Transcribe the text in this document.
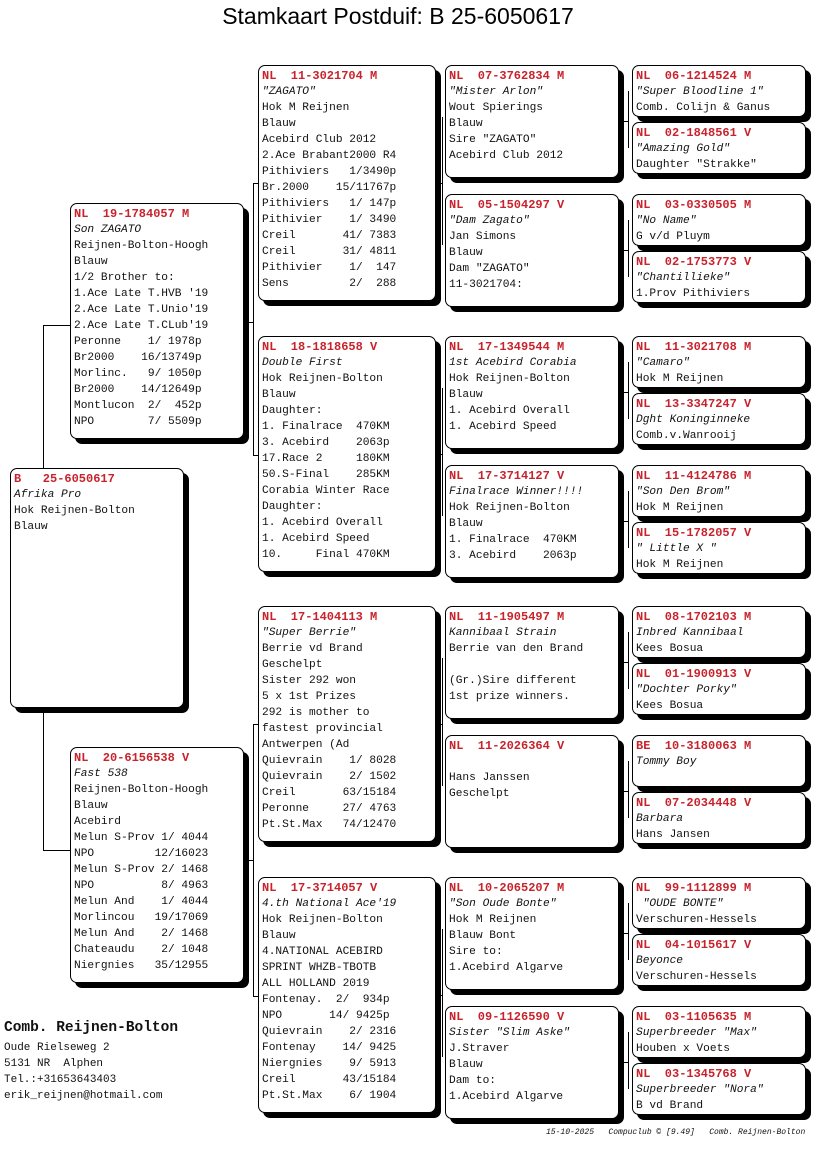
Stamkaart Postduif: B 25-6050617
B   25-6050617
Afrika Pro
Hok Reijnen-Bolton
Blauw
NL  19-1784057 M
Son ZAGATO
Reijnen-Bolton-Hoogh
Blauw
1/2 Brother to:
1.Ace Late T.HVB '19
2.Ace Late T.Unio'19
2.Ace Late T.CLub'19
Peronne    1/ 1978p
Br2000    16/13749p
Morlinc.   9/ 1050p
Br2000    14/12649p
Montlucon  2/  452p
NPO        7/ 5509p
NL  20-6156538 V
Fast 538
Reijnen-Bolton-Hoogh
Blauw
Acebird
Melun S-Prov 1/ 4044
NPO         12/16023
Melun S-Prov 2/ 1468
NPO          8/ 4963
Melun And    1/ 4044
Morlincou   19/17069
Melun And    2/ 1468
Chateaudu    2/ 1048
Niergnies   35/12955
NL  11-3021704 M
"ZAGATO"
Hok M Reijnen
Blauw
Acebird Club 2012
2.Ace Brabant2000 R4
Pithiviers   1/3490p
Br.2000    15/11767p
Pithiviers   1/ 147p
Pithivier    1/ 3490
Creil       41/ 7383
Creil       31/ 4811
Pithivier    1/  147
Sens         2/  288
NL  18-1818658 V
Double First
Hok Reijnen-Bolton
Blauw
Daughter:
1. Finalrace  470KM
3. Acebird    2063p
17.Race 2     180KM
50.S-Final    285KM
Corabia Winter Race
Daughter:
1. Acebird Overall
1. Acebird Speed
10.     Final 470KM
NL  17-1404113 M
"Super Berrie"
Berrie vd Brand
Geschelpt
Sister 292 won
5 x 1st Prizes
292 is mother to
fastest provincial
Antwerpen (Ad
Quievrain    1/ 8028
Quievrain    2/ 1502
Creil       63/15184
Peronne     27/ 4763
Pt.St.Max   74/12470
NL  17-3714057 V
4.th National Ace'19
Hok Reijnen-Bolton
Blauw
4.NATIONAL ACEBIRD
SPRINT WHZB-TBOTB
ALL HOLLAND 2019
Fontenay.  2/  934p
NPO       14/ 9425p
Quievrain    2/ 2316
Fontenay    14/ 9425
Niergnies    9/ 5913
Creil       43/15184
Pt.St.Max    6/ 1904
NL  07-3762834 M
"Mister Arlon"
Wout Spierings
Blauw
Sire "ZAGATO"
Acebird Club 2012
NL  05-1504297 V
"Dam Zagato"
Jan Simons
Blauw
Dam "ZAGATO"
11-3021704:
NL  17-1349544 M
1st Acebird Corabia
Hok Reijnen-Bolton
Blauw
1. Acebird Overall
1. Acebird Speed
NL  17-3714127 V
Finalrace Winner!!!!
Hok Reijnen-Bolton
Blauw
1. Finalrace  470KM
3. Acebird    2063p
NL  11-1905497 M
Kannibaal Strain
Berrie van den Brand
(Gr.)Sire different
1st prize winners.
NL  11-2026364 V
Hans Janssen
Geschelpt
NL  10-2065207 M
"Son Oude Bonte"
Hok M Reijnen
Blauw Bont
Sire to:
1.Acebird Algarve
NL  09-1126590 V
Sister "Slim Aske"
J.Straver
Blauw
Dam to:
1.Acebird Algarve
NL  06-1214524 M
"Super Bloodline 1"
Comb. Colijn & Ganus
NL  02-1848561 V
"Amazing Gold"
Daughter "Strakke"
NL  03-0330505 M
"No Name"
G v/d Pluym
NL  02-1753773 V
"Chantillieke"
1.Prov Pithiviers
NL  11-3021708 M
"Camaro"
Hok M Reijnen
NL  13-3347247 V
Dght Koninginneke
Comb.v.Wanrooij
NL  11-4124786 M
"Son Den Brom"
Hok M Reijnen
NL  15-1782057 V
" Little X "
Hok M Reijnen
NL  08-1702103 M
Inbred Kannibaal
Kees Bosua
NL  01-1900913 V
"Dochter Porky"
Kees Bosua
BE  10-3180063 M
Tommy Boy
NL  07-2034448 V
Barbara
Hans Jansen
NL  99-1112899 M
"OUDE BONTE"
Verschuren-Hessels
NL  04-1015617 V
Beyonce
Verschuren-Hessels
NL  03-1105635 M
Superbreeder "Max"
Houben x Voets
NL  03-1345768 V
Superbreeder "Nora"
B vd Brand
Comb. Reijnen-Bolton
Oude Rielseweg 2
5131 NR  Alphen
Tel.:+31653643403
erik_reijnen@hotmail.com
15-10-2025   Compuclub © [9.49]   Comb. Reijnen-Bolton
